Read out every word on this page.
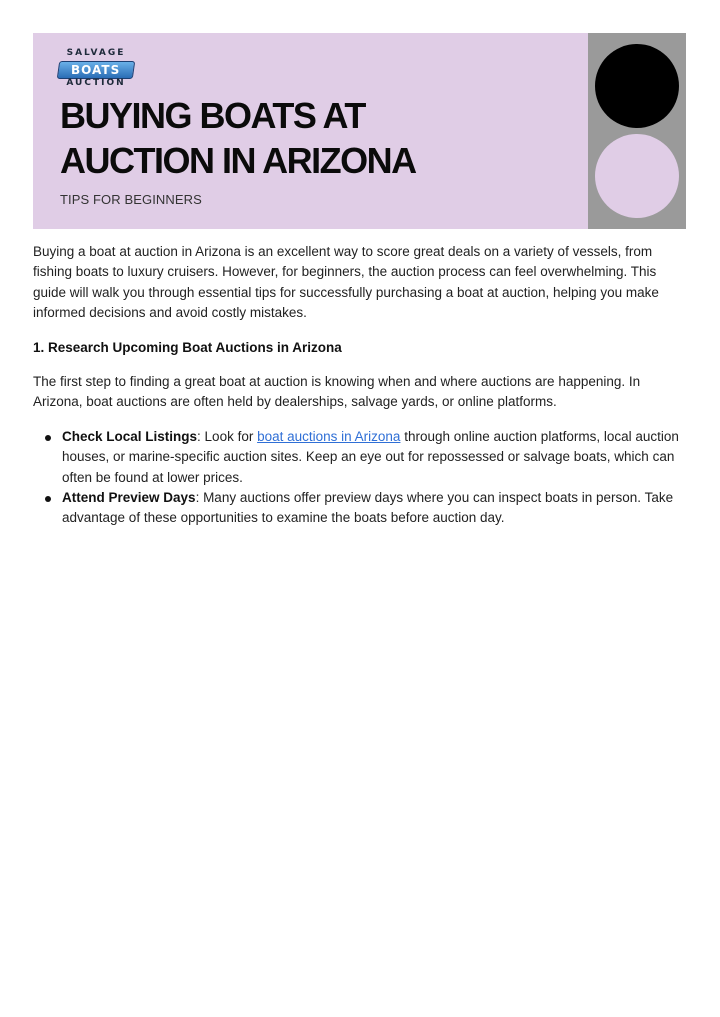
SALVAGE
BOATS
AUCTION
BUYING BOATS AT
AUCTION IN ARIZONA
TIPS FOR BEGINNERS

Buying a boat at auction in Arizona is an excellent way to score great deals on a variety of vessels, from fishing boats to luxury cruisers. However, for beginners, the auction process can feel overwhelming. This guide will walk you through essential tips for successfully purchasing a boat at auction, helping you make informed decisions and avoid costly mistakes.

1. Research Upcoming Boat Auctions in Arizona

The first step to finding a great boat at auction is knowing when and where auctions are happening. In Arizona, boat auctions are often held by dealerships, salvage yards, or online platforms.

Check Local Listings: Look for boat auctions in Arizona through online auction platforms, local auction houses, or marine-specific auction sites. Keep an eye out for repossessed or salvage boats, which can often be found at lower prices.
Attend Preview Days: Many auctions offer preview days where you can inspect boats in person. Take advantage of these opportunities to examine the boats before auction day.
